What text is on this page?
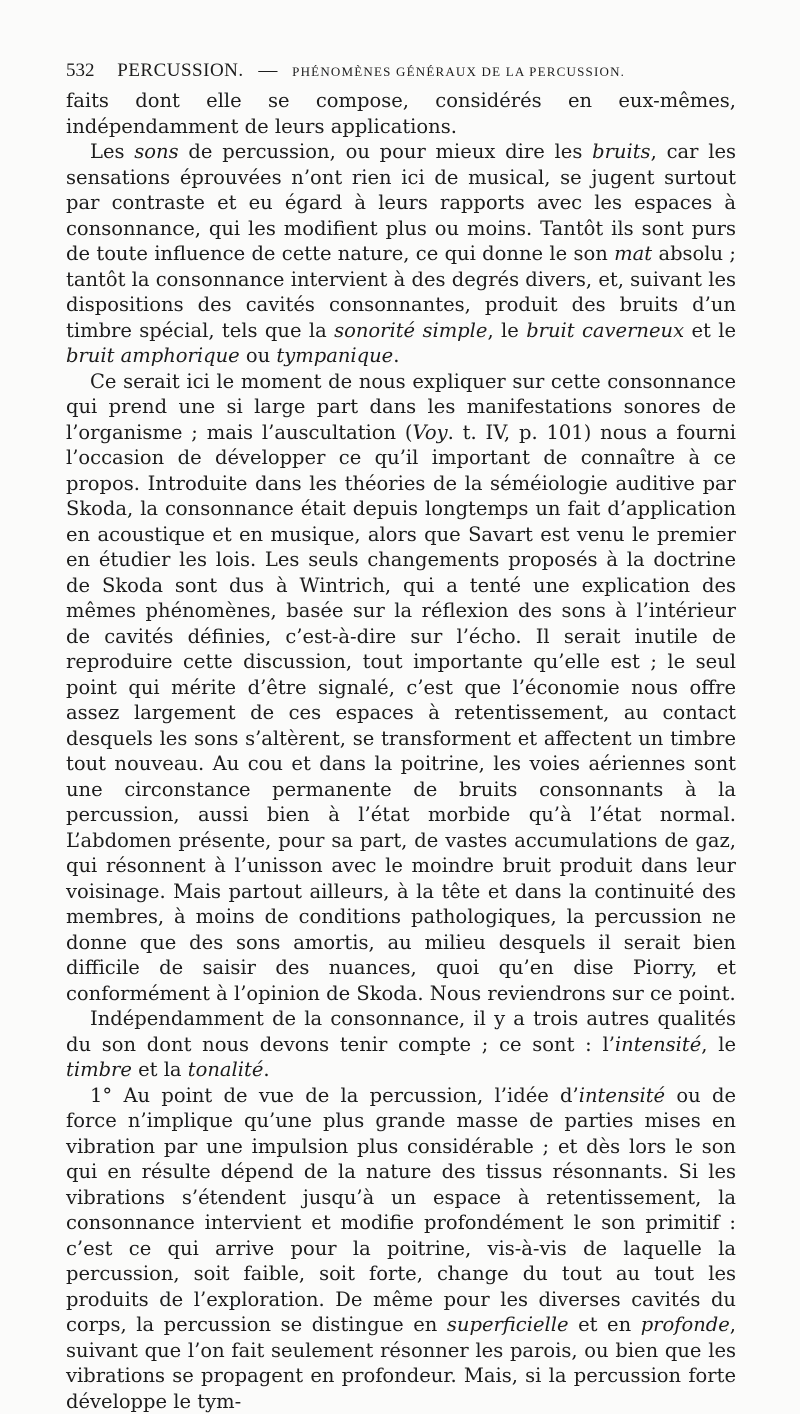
532 PERCUSSION. — PHÉNOMÈNES GÉNÉRAUX DE LA PERCUSSION.

faits dont elle se compose, considérés en eux-mêmes, indépendamment de leurs applications.

Les sons de percussion, ou pour mieux dire les bruits, car les sensations éprouvées n’ont rien ici de musical, se jugent surtout par contraste et eu égard à leurs rapports avec les espaces à consonnance, qui les modifient plus ou moins. Tantôt ils sont purs de toute influence de cette nature, ce qui donne le son mat absolu ; tantôt la consonnance intervient à des degrés divers, et, suivant les dispositions des cavités consonnantes, produit des bruits d’un timbre spécial, tels que la sonorité simple, le bruit caverneux et le bruit amphorique ou tympanique.

Ce serait ici le moment de nous expliquer sur cette consonnance qui prend une si large part dans les manifestations sonores de l’organisme ; mais l’auscultation (Voy. t. IV, p. 101) nous a fourni l’occasion de développer ce qu’il important de connaître à ce propos. Introduite dans les théories de la séméiologie auditive par Skoda, la consonnance était depuis longtemps un fait d’application en acoustique et en musique, alors que Savart est venu le premier en étudier les lois. Les seuls changements proposés à la doctrine de Skoda sont dus à Wintrich, qui a tenté une explication des mêmes phénomènes, basée sur la réflexion des sons à l’intérieur de cavités définies, c’est-à-dire sur l’écho. Il serait inutile de reproduire cette discussion, tout importante qu’elle est ; le seul point qui mérite d’être signalé, c’est que l’économie nous offre assez largement de ces espaces à retentissement, au contact desquels les sons s’altèrent, se transforment et affectent un timbre tout nouveau. Au cou et dans la poitrine, les voies aériennes sont une circonstance permanente de bruits consonnants à la percussion, aussi bien à l’état morbide qu’à l’état normal. L’abdomen présente, pour sa part, de vastes accumulations de gaz, qui résonnent à l’unisson avec le moindre bruit produit dans leur voisinage. Mais partout ailleurs, à la tête et dans la continuité des membres, à moins de conditions pathologiques, la percussion ne donne que des sons amortis, au milieu desquels il serait bien difficile de saisir des nuances, quoi qu’en dise Piorry, et conformément à l’opinion de Skoda. Nous reviendrons sur ce point.

Indépendamment de la consonnance, il y a trois autres qualités du son dont nous devons tenir compte ; ce sont : l’intensité, le timbre et la tonalité.

1° Au point de vue de la percussion, l’idée d’intensité ou de force n’implique qu’une plus grande masse de parties mises en vibration par une impulsion plus considérable ; et dès lors le son qui en résulte dépend de la nature des tissus résonnants. Si les vibrations s’étendent jusqu’à un espace à retentissement, la consonnance intervient et modifie profondément le son primitif : c’est ce qui arrive pour la poitrine, vis-à-vis de laquelle la percussion, soit faible, soit forte, change du tout au tout les produits de l’exploration. De même pour les diverses cavités du corps, la percussion se distingue en superficielle et en profonde, suivant que l’on fait seulement résonner les parois, ou bien que les vibrations se propagent en profondeur. Mais, si la percussion forte développe le tym-
